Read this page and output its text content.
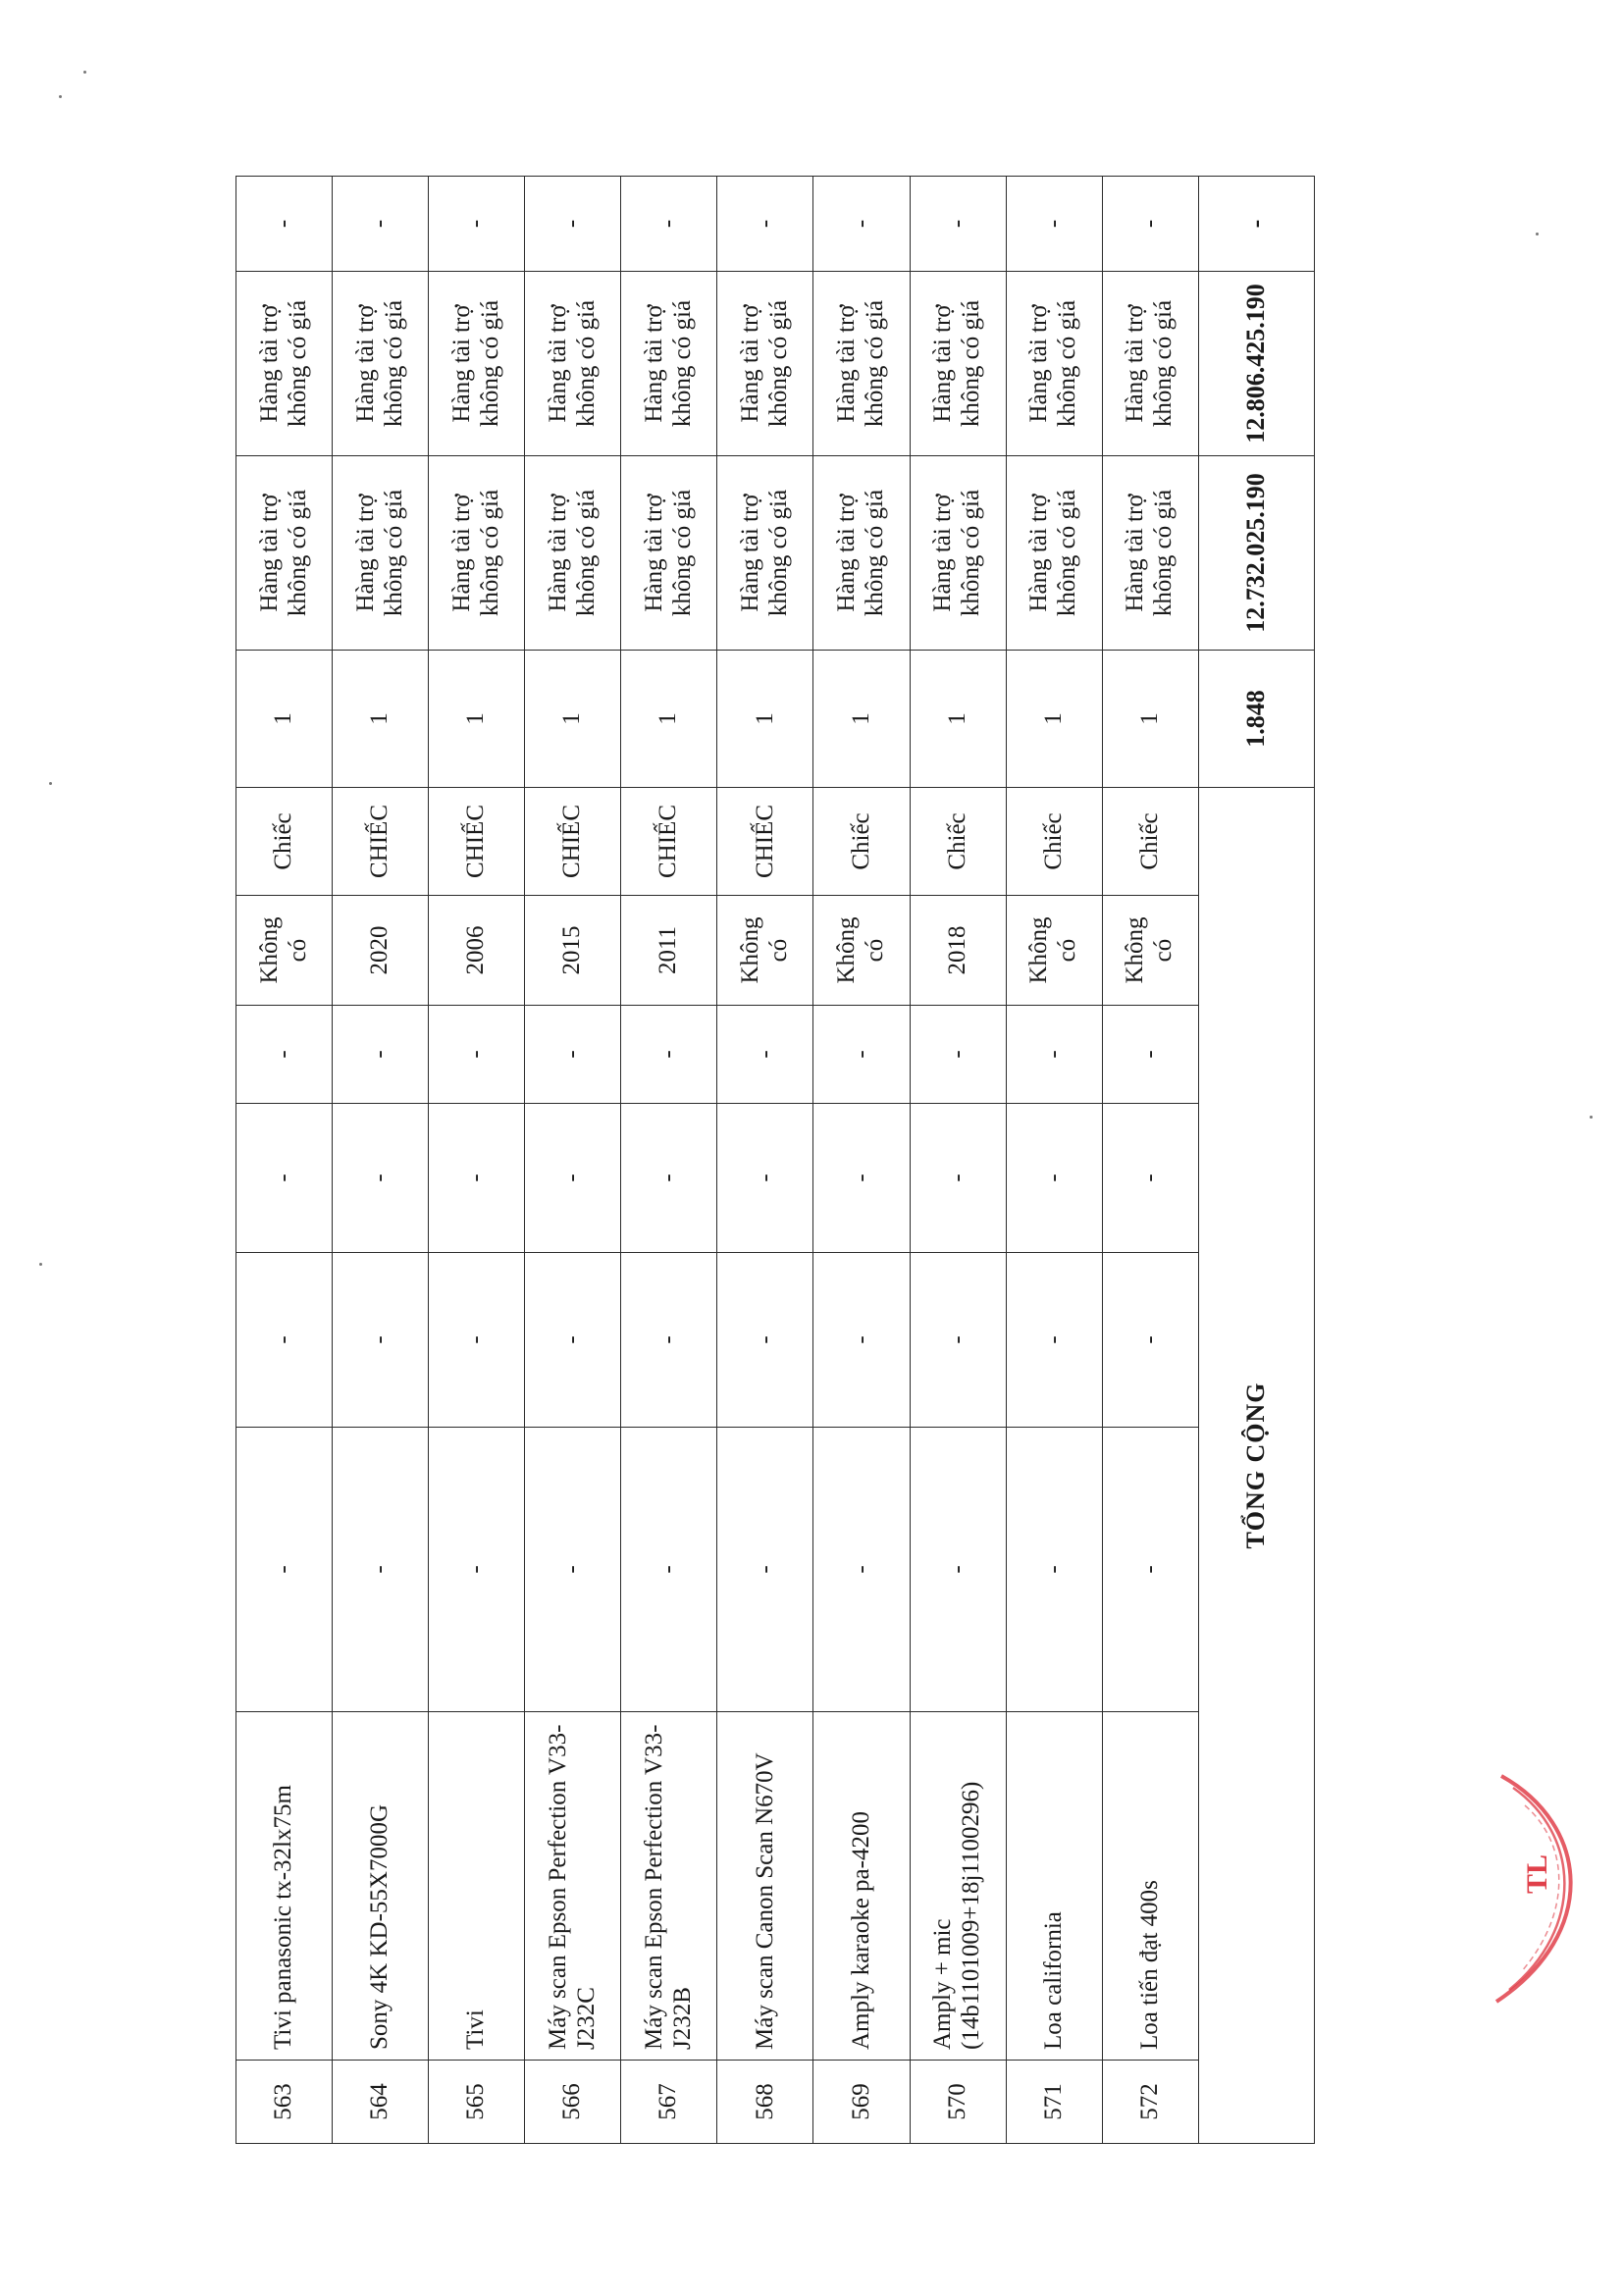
563	Tivi panasonic tx-32lx75m	-	-	-	-	Không có	Chiếc	1	Hàng tài trợ không có giá	Hàng tài trợ không có giá	-
564	Sony 4K KD-55X7000G	-	-	-	-	2020	CHIẾC	1	Hàng tài trợ không có giá	Hàng tài trợ không có giá	-
565	Tivi	-	-	-	-	2006	CHIẾC	1	Hàng tài trợ không có giá	Hàng tài trợ không có giá	-
566	Máy scan Epson Perfection V33-J232C	-	-	-	-	2015	CHIẾC	1	Hàng tài trợ không có giá	Hàng tài trợ không có giá	-
567	Máy scan Epson Perfection V33-J232B	-	-	-	-	2011	CHIẾC	1	Hàng tài trợ không có giá	Hàng tài trợ không có giá	-
568	Máy scan Canon Scan N670V	-	-	-	-	Không có	CHIẾC	1	Hàng tài trợ không có giá	Hàng tài trợ không có giá	-
569	Amply karaoke pa-4200	-	-	-	-	Không có	Chiếc	1	Hàng tài trợ không có giá	Hàng tài trợ không có giá	-
570	Amply + mic (14b1101009+18j1100296)	-	-	-	-	2018	Chiếc	1	Hàng tài trợ không có giá	Hàng tài trợ không có giá	-
571	Loa california	-	-	-	-	Không có	Chiếc	1	Hàng tài trợ không có giá	Hàng tài trợ không có giá	-
572	Loa tiến đạt 400s	-	-	-	-	Không có	Chiếc	1	Hàng tài trợ không có giá	Hàng tài trợ không có giá	-
TỔNG CỘNG								1.848	12.732.025.190	12.806.425.190	-
TL
